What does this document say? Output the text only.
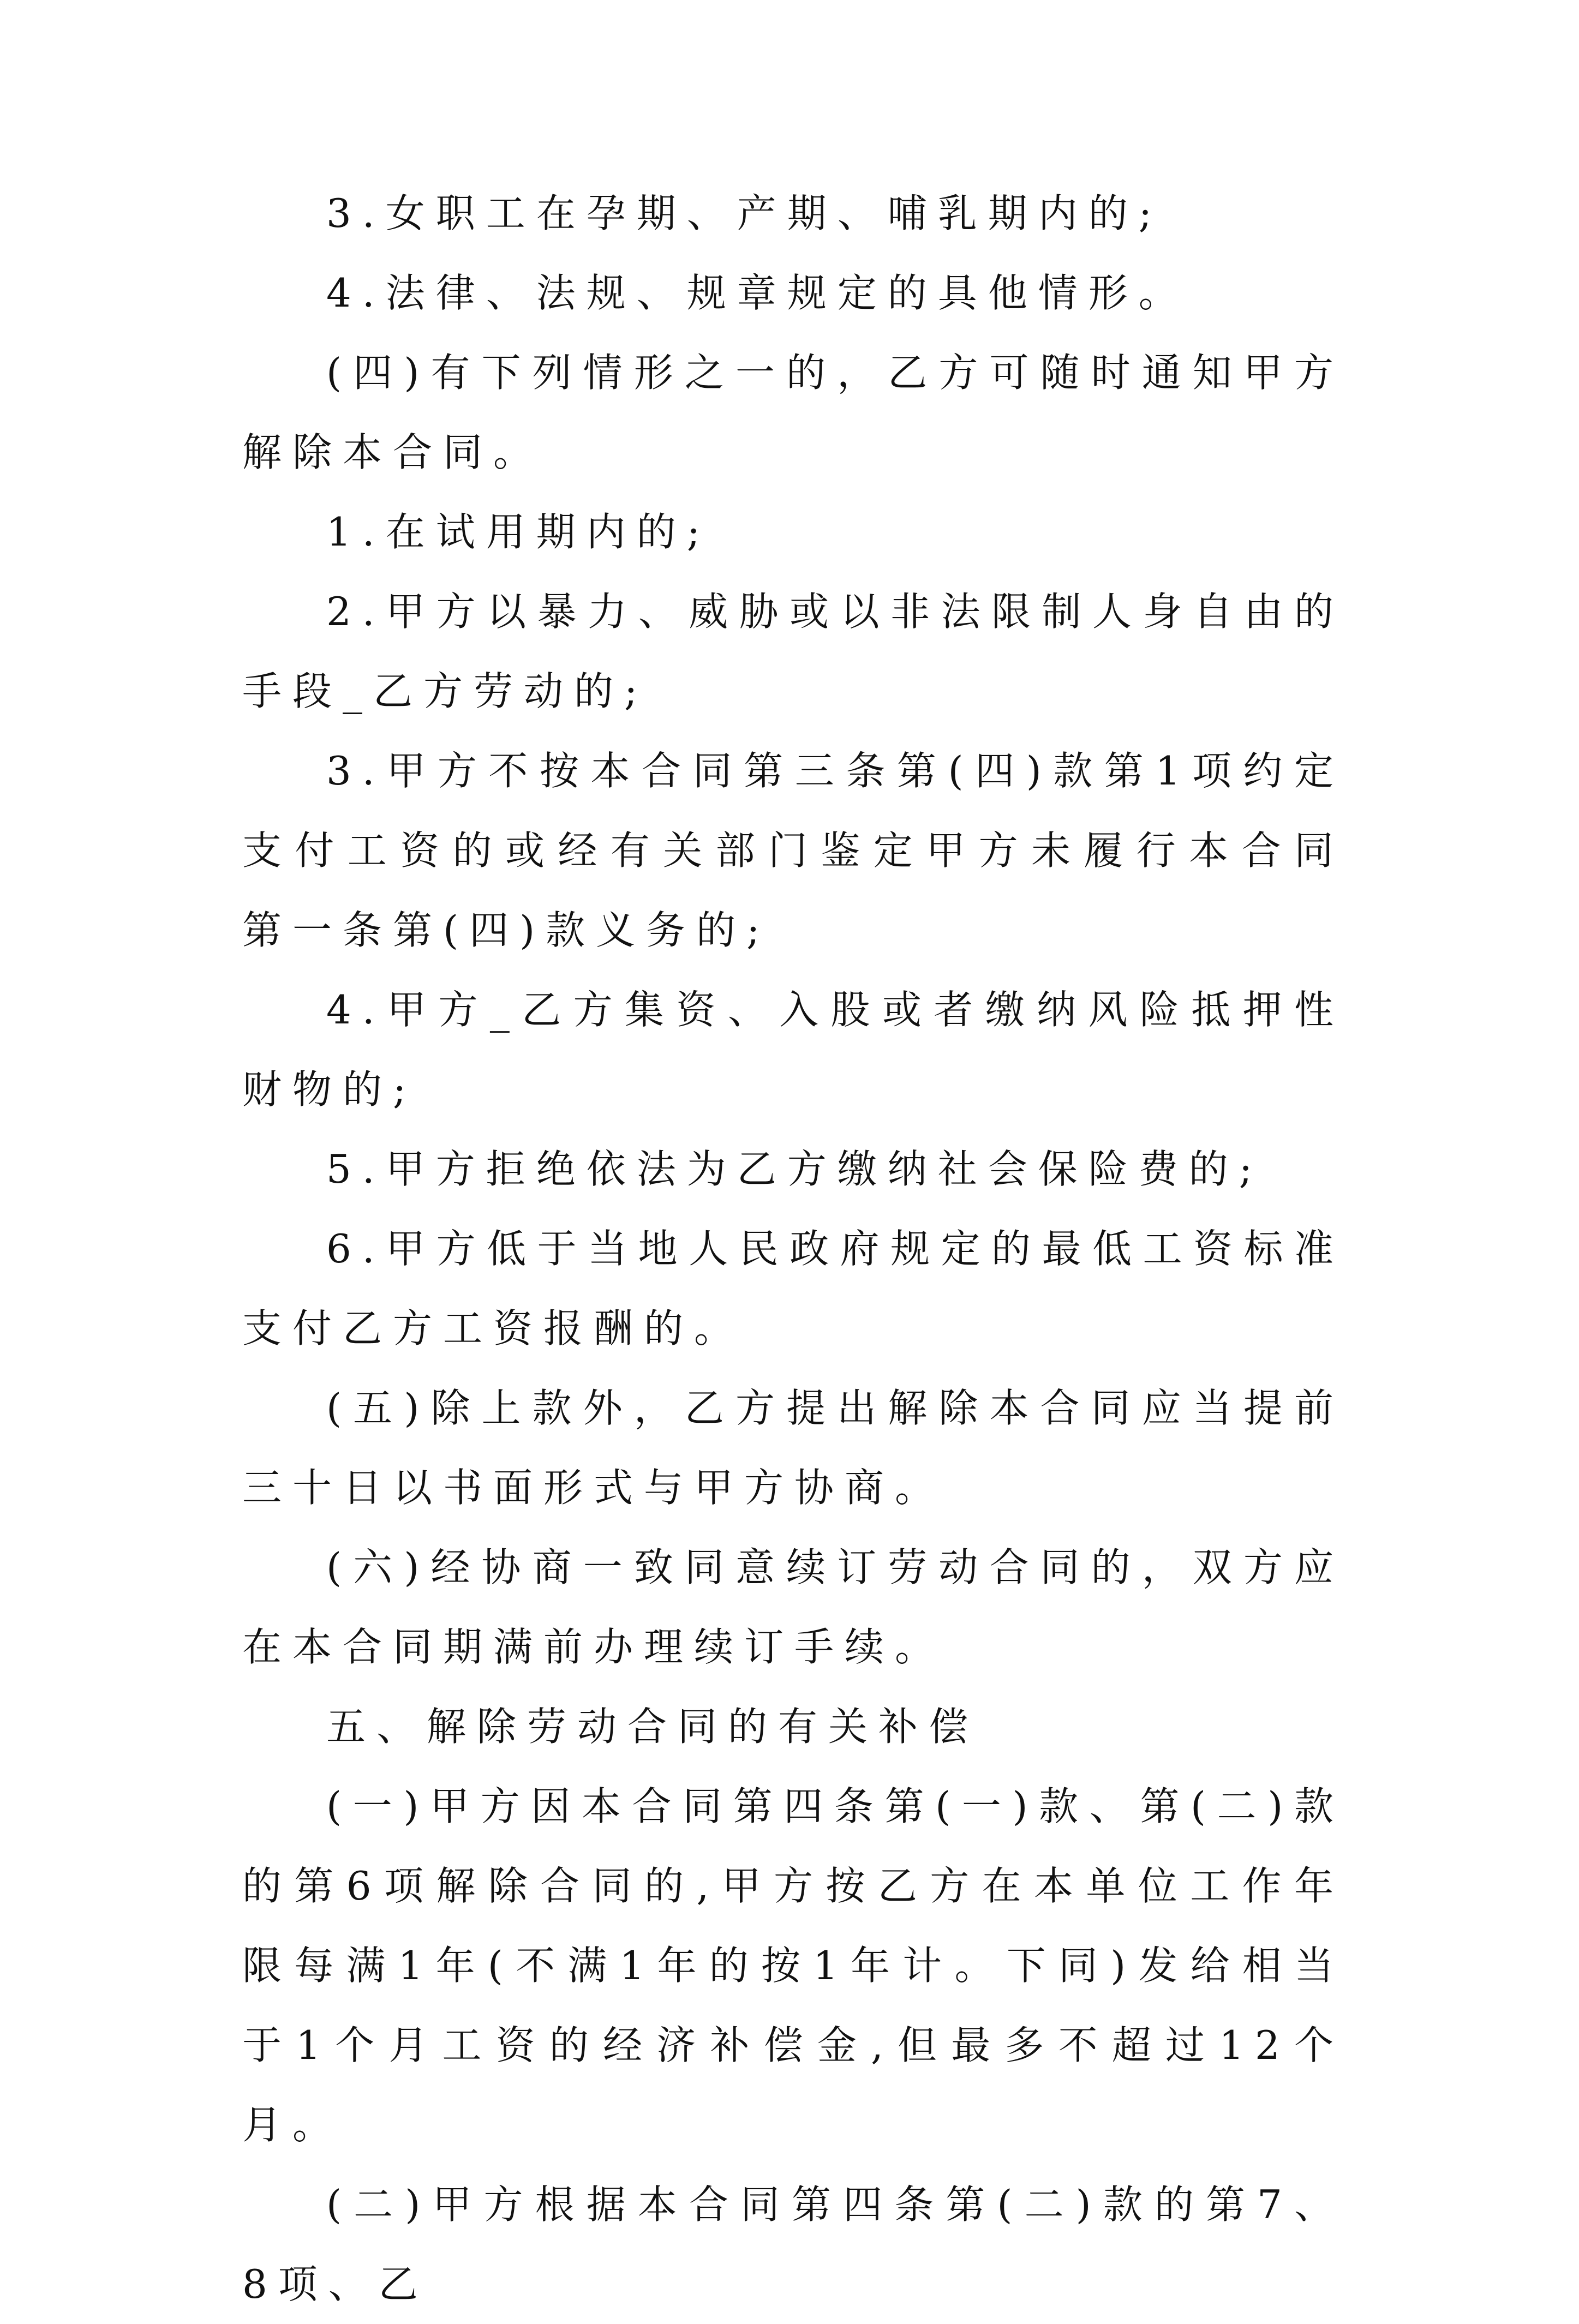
3.女职工在孕期、产期、哺乳期内的;

4.法律、法规、规章规定的具他情形。

(四)有下列情形之一的，乙方可随时通知甲方解除本合同。

1.在试用期内的;

2.甲方以暴力、威胁或以非法限制人身自由的手段_乙方劳动的;

3.甲方不按本合同第三条第(四)款第1项约定支付工资的或经有关部门鉴定甲方未履行本合同第一条第(四)款义务的;

4.甲方_乙方集资、入股或者缴纳风险抵押性财物的;

5.甲方拒绝依法为乙方缴纳社会保险费的;

6.甲方低于当地人民政府规定的最低工资标准支付乙方工资报酬的。

(五)除上款外，乙方提出解除本合同应当提前三十日以书面形式与甲方协商。

(六)经协商一致同意续订劳动合同的，双方应在本合同期满前办理续订手续。

五、解除劳动合同的有关补偿

(一)甲方因本合同第四条第(一)款、第(二)款的第6项解除合同的,甲方按乙方在本单位工作年限每满1年(不满1年的按1年计。下同)发给相当于1个月工资的经济补偿金,但最多不超过12个月。

(二)甲方根据本合同第四条第(二)款的第7、8项、乙
